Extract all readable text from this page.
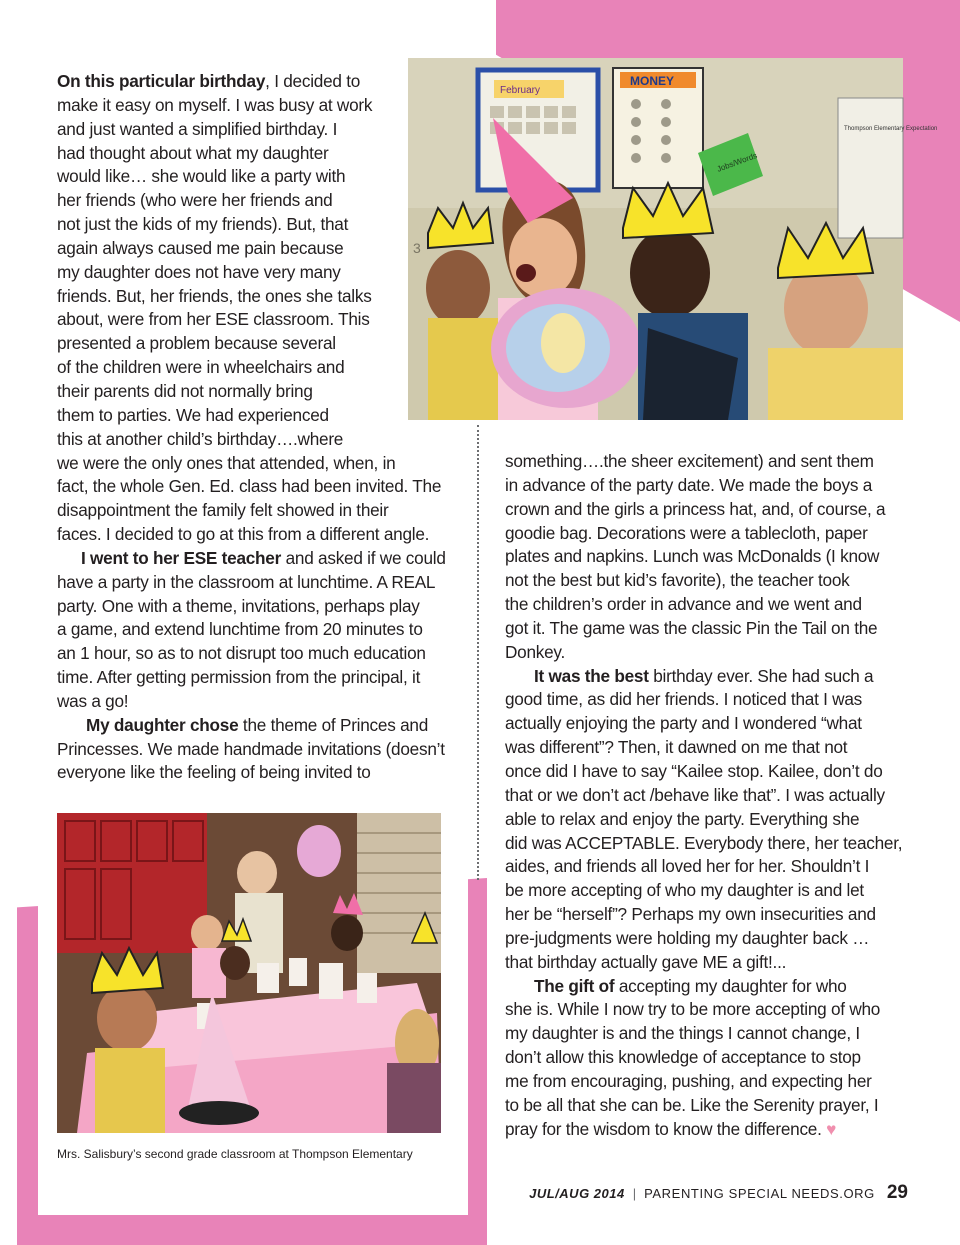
On this particular birthday, I decided to

make it easy on myself. I was busy at work

and just wanted a simplified birthday. I

had thought about what my daughter

would like… she would like a party with

her friends (who were her friends and

not just the kids of my friends). But, that

again always caused me pain because

my daughter does not have very many

friends. But, her friends, the ones she talks

about, were from her ESE classroom. This

presented a problem because several

of the children were in wheelchairs and

their parents did not normally bring

them to parties. We had experienced

this at another child’s birthday….where

we were the only ones that attended, when, in

fact, the whole Gen. Ed. class had been invited. The

disappointment the family felt showed in their

faces. I decided to go at this from a different angle.

I went to her ESE teacher and asked if we could

have a party in the classroom at lunchtime. A REAL

party. One with a theme, invitations, perhaps play

a game, and extend lunchtime from 20 minutes to

an 1 hour, so as to not disrupt too much education

time. After getting permission from the principal, it

was a go!

My daughter chose the theme of Princes and

Princesses. We made handmade invitations (doesn’t

everyone like the feeling of being invited to

something….the sheer excitement) and sent them

in advance of the party date. We made the boys a

crown and the girls a princess hat, and, of course, a

goodie bag. Decorations were a tablecloth, paper

plates and napkins. Lunch was McDonalds (I know

not the best but kid’s favorite), the teacher took

the children’s order in advance and we went and

got it. The game was the classic Pin the Tail on the

Donkey.

It was the best birthday ever. She had such a

good time, as did her friends. I noticed that I was

actually enjoying the party and I wondered “what

was different”? Then, it dawned on me that not

once did I have to say “Kailee stop. Kailee, don’t do

that or we don’t act /behave like that”. I was actually

able to relax and enjoy the party. Everything she

did was ACCEPTABLE. Everybody there, her teacher,

aides, and friends all loved her for her. Shouldn’t I

be more accepting of who my daughter is and let

her be “herself”? Perhaps my own insecurities and

pre-judgments were holding my daughter back …

that birthday actually gave ME a gift!...

The gift of accepting my daughter for who

she is. While I now try to be more accepting of who

my daughter is and the things I cannot change, I

don’t allow this knowledge of acceptance to stop

me from encouraging, pushing, and expecting her

to be all that she can be. Like the Serenity prayer, I

pray for the wisdom to know the difference. ♥

February
MONEY
Jobs/Words
Thompson Elementary Expectation
3
Mrs. Salisbury’s second grade classroom at Thompson Elementary
JUL/AUG 2014 | PARENTING SPECIAL NEEDS.ORG 29
